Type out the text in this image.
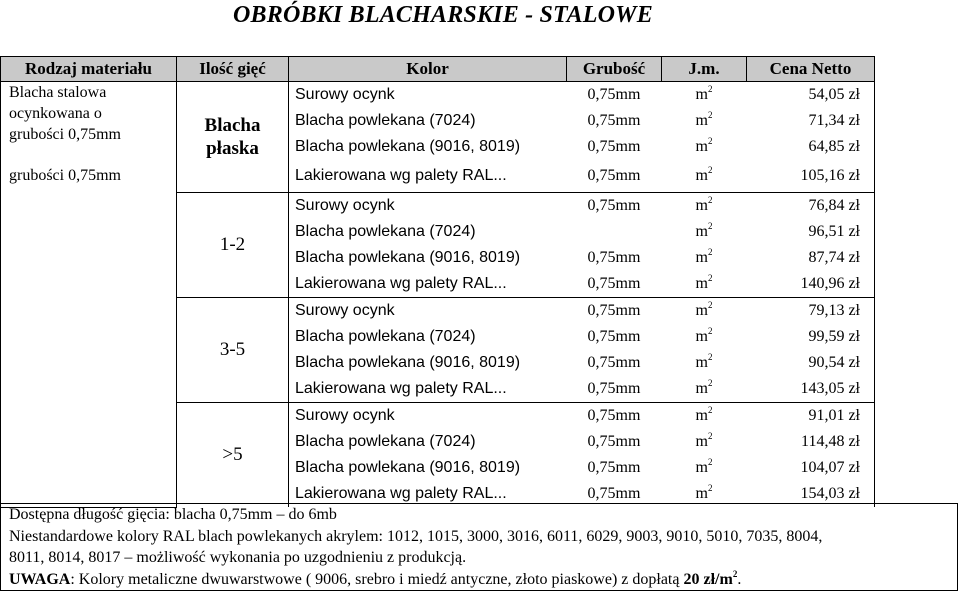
OBRÓBKI BLACHARSKIE - STALOWE
Rodzaj materiału	Ilość gięć	Kolor	Grubość	J.m.	Cena Netto
Blacha stalowa
ocynkowana o
grubości 0,75mm	Blacha płaska	Surowy ocynk	0,75mm	$m^2$	54,05 zł
		Blacha powlekana (7024)	0,75mm	$m^2$	71,34 zł
		Blacha powlekana (9016, 8019)	0,75mm	$m^2$	64,85 zł
grubości 0,75mm		Lakierowana wg palety RAL...	0,75mm	$m^2$	105,16 zł
	1-2	Surowy ocynk	0,75mm	$m^2$	76,84 zł
		Blacha powlekana (7024)		$m^2$	96,51 zł
		Blacha powlekana (9016, 8019)	0,75mm	$m^2$	87,74 zł
		Lakierowana wg palety RAL...	0,75mm	$m^2$	140,96 zł
	3-5	Surowy ocynk	0,75mm	$m^2$	79,13 zł
		Blacha powlekana (7024)	0,75mm	$m^2$	99,59 zł
		Blacha powlekana (9016, 8019)	0,75mm	$m^2$	90,54 zł
		Lakierowana wg palety RAL...	0,75mm	$m^2$	143,05 zł
	>5	Surowy ocynk	0,75mm	$m^2$	91,01 zł
		Blacha powlekana (7024)	0,75mm	$m^2$	114,48 zł
		Blacha powlekana (9016, 8019)	0,75mm	$m^2$	104,07 zł
		Lakierowana wg palety RAL...	0,75mm	$m^2$	154,03 zł
Dostępna długość gięcia: blacha 0,75mm – do 6mb
Niestandardowe kolory RAL blach powlekanych akrylem: 1012, 1015, 3000, 3016, 6011, 6029, 9003, 9010, 5010, 7035, 8004,
8011, 8014, 8017 – możliwość wykonania po uzgodnieniu z produkcją.
UWAGA: Kolory metaliczne dwuwarstwowe ( 9006, srebro i miedź antyczne, złoto piaskowe) z dopłatą 20 $zł/m^2$.
